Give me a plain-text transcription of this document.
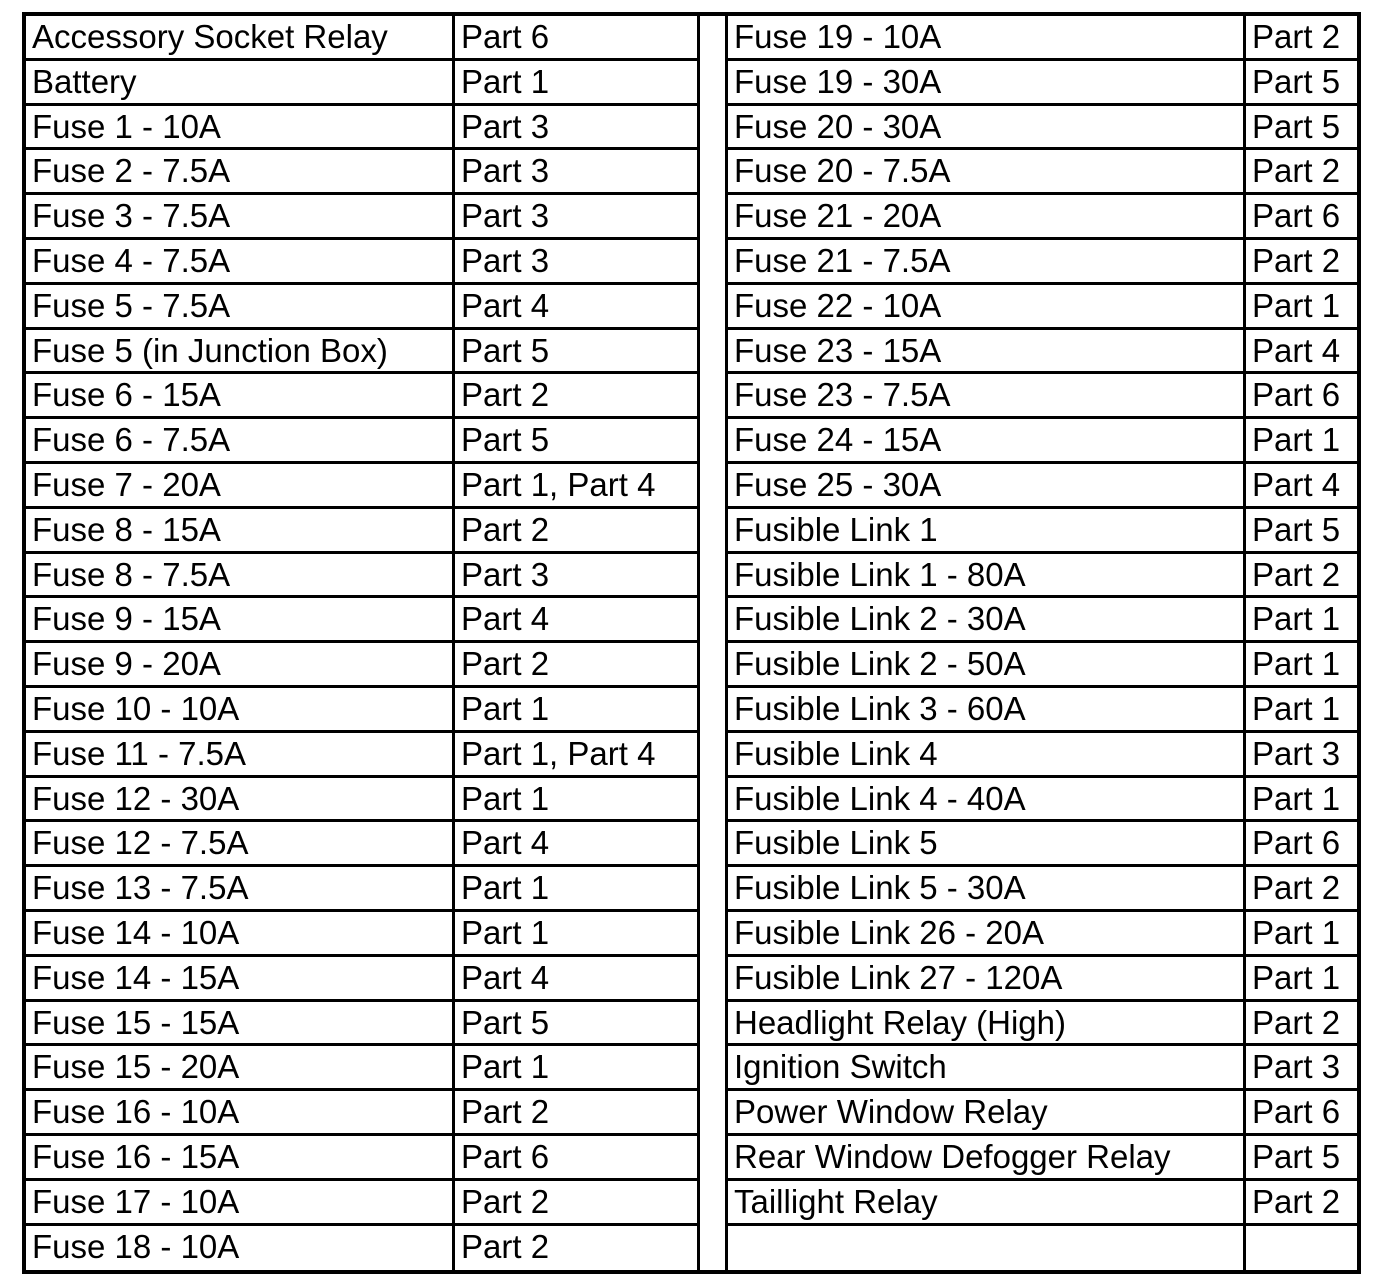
Accessory Socket Relay	Part 6
Battery	Part 1
Fuse 1 - 10A	Part 3
Fuse 2 - 7.5A	Part 3
Fuse 3 - 7.5A	Part 3
Fuse 4 - 7.5A	Part 3
Fuse 5 - 7.5A	Part 4
Fuse 5 (in Junction Box)	Part 5
Fuse 6 - 15A	Part 2
Fuse 6 - 7.5A	Part 5
Fuse 7 - 20A	Part 1, Part 4
Fuse 8 - 15A	Part 2
Fuse 8 - 7.5A	Part 3
Fuse 9 - 15A	Part 4
Fuse 9 - 20A	Part 2
Fuse 10 - 10A	Part 1
Fuse 11 - 7.5A	Part 1, Part 4
Fuse 12 - 30A	Part 1
Fuse 12 - 7.5A	Part 4
Fuse 13 - 7.5A	Part 1
Fuse 14 - 10A	Part 1
Fuse 14 - 15A	Part 4
Fuse 15 - 15A	Part 5
Fuse 15 - 20A	Part 1
Fuse 16 - 10A	Part 2
Fuse 16 - 15A	Part 6
Fuse 17 - 10A	Part 2
Fuse 18 - 10A	Part 2
Fuse 19 - 10A	Part 2
Fuse 19 - 30A	Part 5
Fuse 20 - 30A	Part 5
Fuse 20 - 7.5A	Part 2
Fuse 21 - 20A	Part 6
Fuse 21 - 7.5A	Part 2
Fuse 22 - 10A	Part 1
Fuse 23 - 15A	Part 4
Fuse 23 - 7.5A	Part 6
Fuse 24 - 15A	Part 1
Fuse 25 - 30A	Part 4
Fusible Link 1	Part 5
Fusible Link 1 - 80A	Part 2
Fusible Link 2 - 30A	Part 1
Fusible Link 2 - 50A	Part 1
Fusible Link 3 - 60A	Part 1
Fusible Link 4	Part 3
Fusible Link 4 - 40A	Part 1
Fusible Link 5	Part 6
Fusible Link 5 - 30A	Part 2
Fusible Link 26 - 20A	Part 1
Fusible Link 27 - 120A	Part 1
Headlight Relay (High)	Part 2
Ignition Switch	Part 3
Power Window Relay	Part 6
Rear Window Defogger Relay	Part 5
Taillight Relay	Part 2
